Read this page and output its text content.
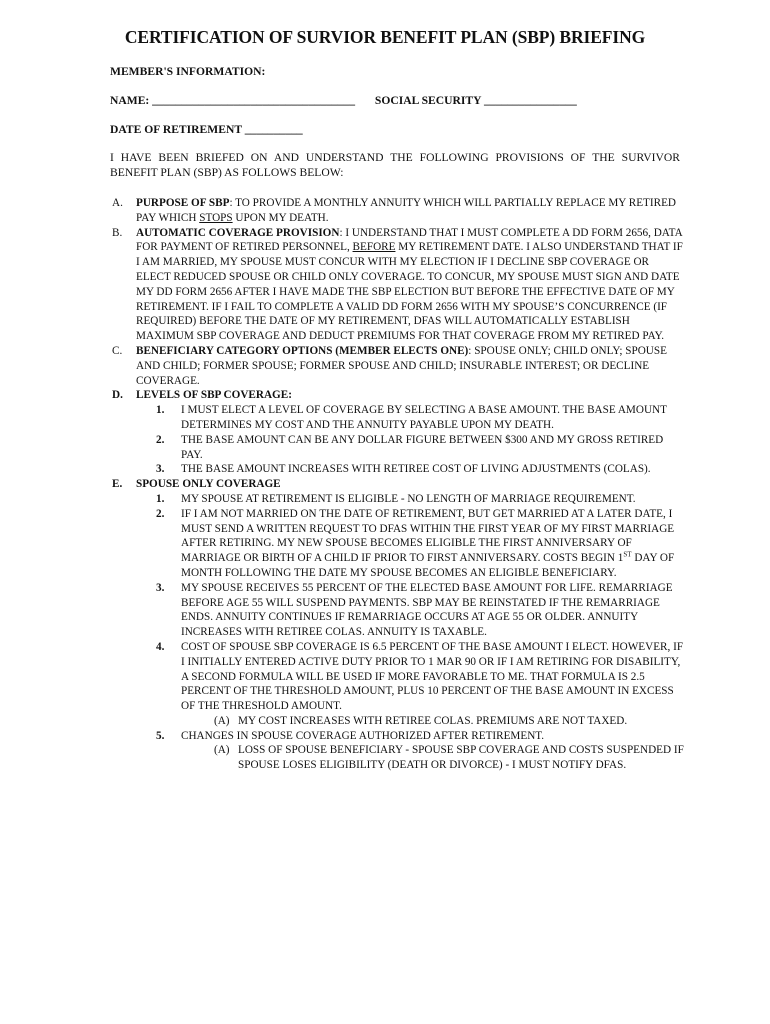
CERTIFICATION OF SURVIOR BENEFIT PLAN (SBP) BRIEFING
MEMBER'S INFORMATION:
NAME: ___________________________________ SOCIAL SECURITY ________________
DATE OF RETIREMENT __________
I HAVE BEEN BRIEFED ON AND UNDERSTAND THE FOLLOWING PROVISIONS OF THE SURVIVOR BENEFIT PLAN (SBP) AS FOLLOWS BELOW:
A. PURPOSE OF SBP: TO PROVIDE A MONTHLY ANNUITY WHICH WILL PARTIALLY REPLACE MY RETIRED PAY WHICH STOPS UPON MY DEATH.
B. AUTOMATIC COVERAGE PROVISION: I UNDERSTAND THAT I MUST COMPLETE A DD FORM 2656, DATA FOR PAYMENT OF RETIRED PERSONNEL, BEFORE MY RETIREMENT DATE. I ALSO UNDERSTAND THAT IF I AM MARRIED, MY SPOUSE MUST CONCUR WITH MY ELECTION IF I DECLINE SBP COVERAGE OR ELECT REDUCED SPOUSE OR CHILD ONLY COVERAGE. TO CONCUR, MY SPOUSE MUST SIGN AND DATE MY DD FORM 2656 AFTER I HAVE MADE THE SBP ELECTION BUT BEFORE THE EFFECTIVE DATE OF MY RETIREMENT. IF I FAIL TO COMPLETE A VALID DD FORM 2656 WITH MY SPOUSE’S CONCURRENCE (IF REQUIRED) BEFORE THE DATE OF MY RETIREMENT, DFAS WILL AUTOMATICALLY ESTABLISH MAXIMUM SBP COVERAGE AND DEDUCT PREMIUMS FOR THAT COVERAGE FROM MY RETIRED PAY.
C. BENEFICIARY CATEGORY OPTIONS (MEMBER ELECTS ONE): SPOUSE ONLY; CHILD ONLY; SPOUSE AND CHILD; FORMER SPOUSE; FORMER SPOUSE AND CHILD; INSURABLE INTEREST; OR DECLINE COVERAGE.
D. LEVELS OF SBP COVERAGE:
1. I MUST ELECT A LEVEL OF COVERAGE BY SELECTING A BASE AMOUNT. THE BASE AMOUNT DETERMINES MY COST AND THE ANNUITY PAYABLE UPON MY DEATH.
2. THE BASE AMOUNT CAN BE ANY DOLLAR FIGURE BETWEEN $300 AND MY GROSS RETIRED PAY.
3. THE BASE AMOUNT INCREASES WITH RETIREE COST OF LIVING ADJUSTMENTS (COLAS).
E. SPOUSE ONLY COVERAGE
1. MY SPOUSE AT RETIREMENT IS ELIGIBLE - NO LENGTH OF MARRIAGE REQUIREMENT.
2. IF I AM NOT MARRIED ON THE DATE OF RETIREMENT, BUT GET MARRIED AT A LATER DATE, I MUST SEND A WRITTEN REQUEST TO DFAS WITHIN THE FIRST YEAR OF MY FIRST MARRIAGE AFTER RETIRING. MY NEW SPOUSE BECOMES ELIGIBLE THE FIRST ANNIVERSARY OF MARRIAGE OR BIRTH OF A CHILD IF PRIOR TO FIRST ANNIVERSARY. COSTS BEGIN 1ST DAY OF MONTH FOLLOWING THE DATE MY SPOUSE BECOMES AN ELIGIBLE BENEFICIARY.
3. MY SPOUSE RECEIVES 55 PERCENT OF THE ELECTED BASE AMOUNT FOR LIFE. REMARRIAGE BEFORE AGE 55 WILL SUSPEND PAYMENTS. SBP MAY BE REINSTATED IF THE REMARRIAGE ENDS. ANNUITY CONTINUES IF REMARRIAGE OCCURS AT AGE 55 OR OLDER. ANNUITY INCREASES WITH RETIREE COLAS. ANNUITY IS TAXABLE.
4. COST OF SPOUSE SBP COVERAGE IS 6.5 PERCENT OF THE BASE AMOUNT I ELECT. HOWEVER, IF I INITIALLY ENTERED ACTIVE DUTY PRIOR TO 1 MAR 90 OR IF I AM RETIRING FOR DISABILITY, A SECOND FORMULA WILL BE USED IF MORE FAVORABLE TO ME. THAT FORMULA IS 2.5 PERCENT OF THE THRESHOLD AMOUNT, PLUS 10 PERCENT OF THE BASE AMOUNT IN EXCESS OF THE THRESHOLD AMOUNT.
(A) MY COST INCREASES WITH RETIREE COLAS. PREMIUMS ARE NOT TAXED.
5. CHANGES IN SPOUSE COVERAGE AUTHORIZED AFTER RETIREMENT.
(A) LOSS OF SPOUSE BENEFICIARY - SPOUSE SBP COVERAGE AND COSTS SUSPENDED IF SPOUSE LOSES ELIGIBILITY (DEATH OR DIVORCE) - I MUST NOTIFY DFAS.
